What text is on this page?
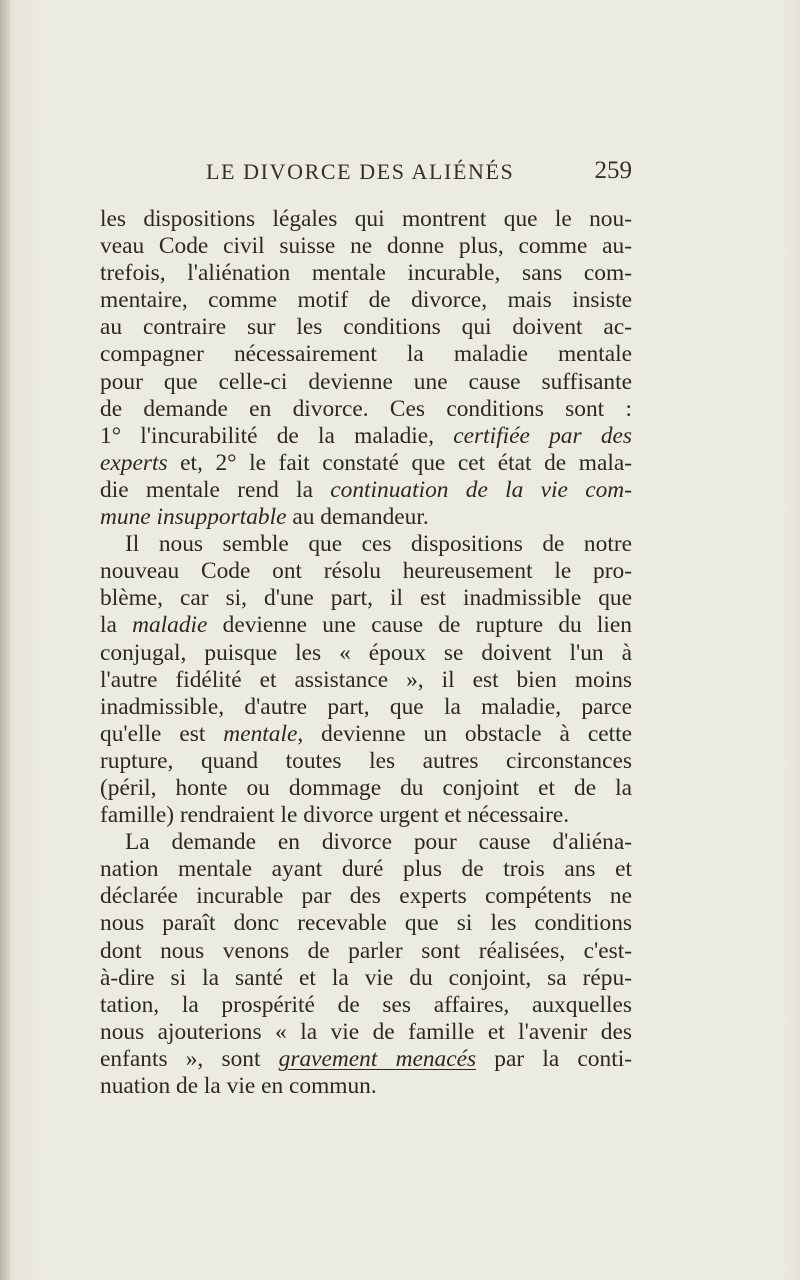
LE DIVORCE DES ALIÉNÉS	259
les dispositions légales qui montrent que le nou-
veau Code civil suisse ne donne plus, comme au-
trefois, l'aliénation mentale incurable, sans com-
mentaire, comme motif de divorce, mais insiste
au contraire sur les conditions qui doivent ac-
compagner nécessairement la maladie mentale
pour que celle-ci devienne une cause suffisante
de demande en divorce. Ces conditions sont :
1° l'incurabilité de la maladie, certifiée par des
experts et, 2° le fait constaté que cet état de mala-
die mentale rend la continuation de la vie com-
mune insupportable au demandeur.
Il nous semble que ces dispositions de notre
nouveau Code ont résolu heureusement le pro-
blème, car si, d'une part, il est inadmissible que
la maladie devienne une cause de rupture du lien
conjugal, puisque les « époux se doivent l'un à
l'autre fidélité et assistance », il est bien moins
inadmissible, d'autre part, que la maladie, parce
qu'elle est mentale, devienne un obstacle à cette
rupture, quand toutes les autres circonstances
(péril, honte ou dommage du conjoint et de la
famille) rendraient le divorce urgent et nécessaire.
La demande en divorce pour cause d'aliéna-
nation mentale ayant duré plus de trois ans et
déclarée incurable par des experts compétents ne
nous paraît donc recevable que si les conditions
dont nous venons de parler sont réalisées, c'est-
à-dire si la santé et la vie du conjoint, sa répu-
tation, la prospérité de ses affaires, auxquelles
nous ajouterions « la vie de famille et l'avenir des
enfants », sont gravement menacés par la conti-
nuation de la vie en commun.
